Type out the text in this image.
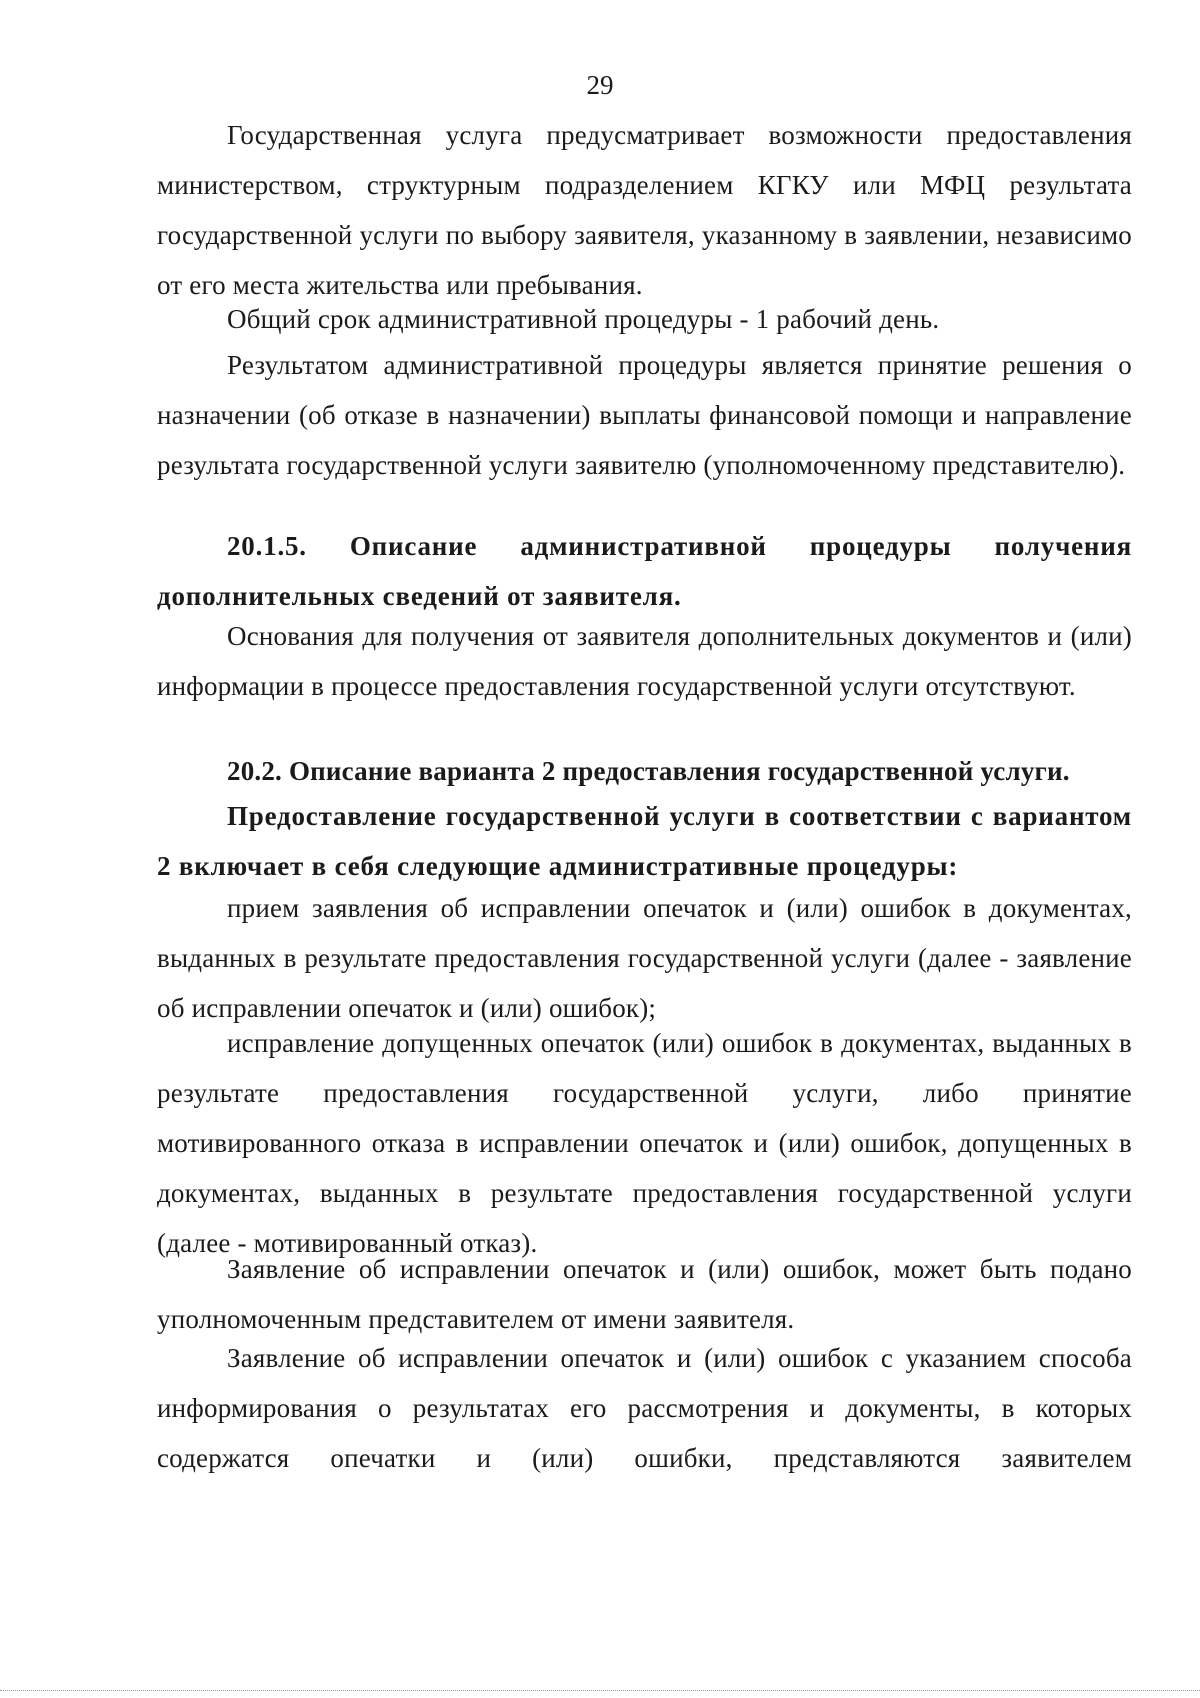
29

Государственная услуга предусматривает возможности предоставления министерством, структурным подразделением КГКУ или МФЦ результата государственной услуги по выбору заявителя, указанному в заявлении, независимо от его места жительства или пребывания.

Общий срок административной процедуры - 1 рабочий день.

Результатом административной процедуры является принятие решения о назначении (об отказе в назначении) выплаты финансовой помощи и направление результата государственной услуги заявителю (уполномоченному представителю).

20.1.5. Описание административной процедуры получения дополнительных сведений от заявителя.

Основания для получения от заявителя дополнительных документов и (или) информации в процессе предоставления государственной услуги отсутствуют.

20.2. Описание варианта 2 предоставления государственной услуги.

Предоставление государственной услуги в соответствии с вариантом 2 включает в себя следующие административные процедуры:

прием заявления об исправлении опечаток и (или) ошибок в документах, выданных в результате предоставления государственной услуги (далее - заявление об исправлении опечаток и (или) ошибок);

исправление допущенных опечаток (или) ошибок в документах, выданных в результате предоставления государственной услуги, либо принятие мотивированного отказа в исправлении опечаток и (или) ошибок, допущенных в документах, выданных в результате предоставления государственной услуги (далее - мотивированный отказ).

Заявление об исправлении опечаток и (или) ошибок, может быть подано уполномоченным представителем от имени заявителя.

Заявление об исправлении опечаток и (или) ошибок с указанием способа информирования о результатах его рассмотрения и документы, в которых содержатся опечатки и (или) ошибки, представляются заявителем
